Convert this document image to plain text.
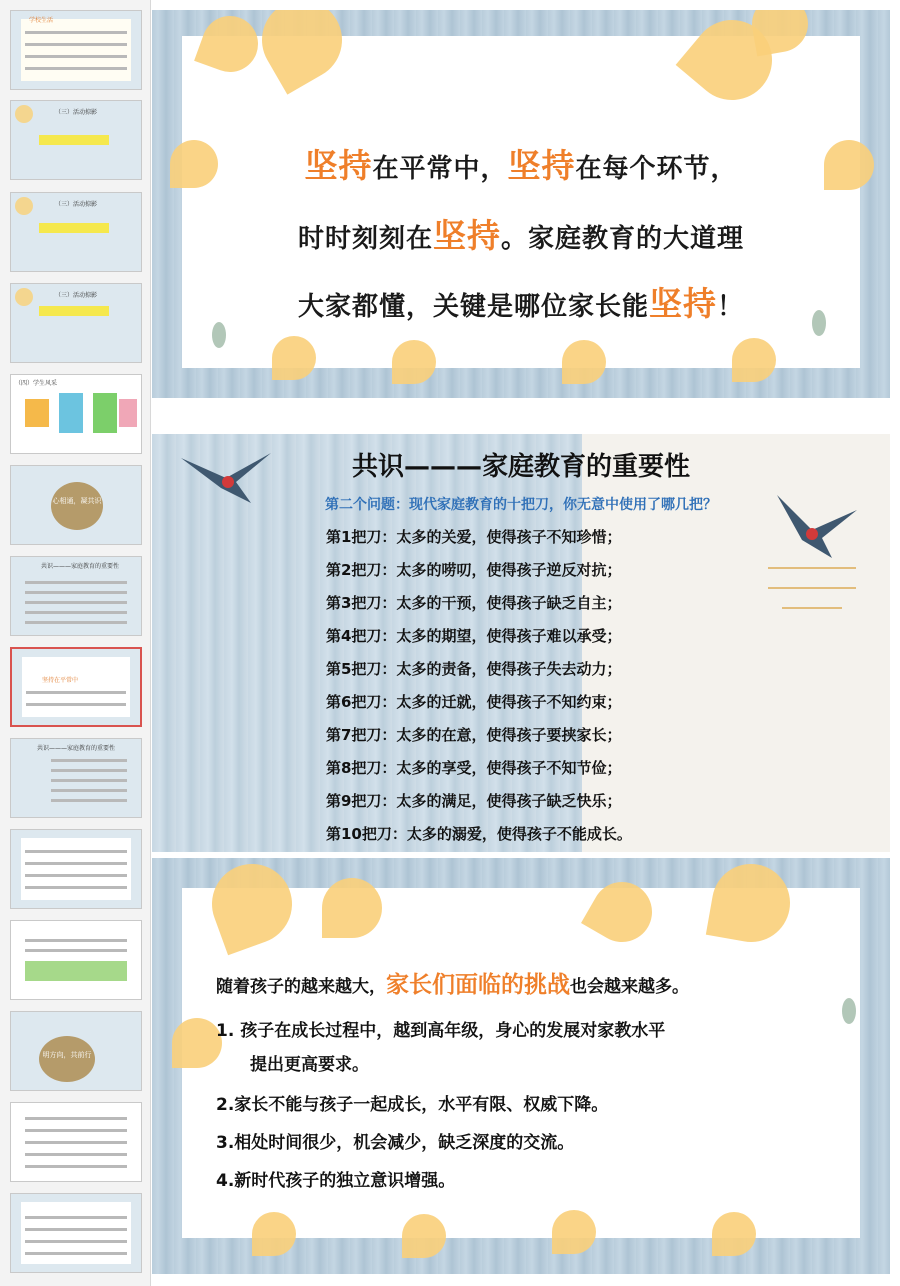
学校生活
（三）活动掠影
（三）活动掠影
（三）活动掠影
（四）学生风采
心相通，凝共识
共识———家庭教育的重要性
坚持在平常中
共识———家庭教育的重要性
明方向，共前行
坚持在平常中，坚持在每个环节，
时时刻刻在坚持。家庭教育的大道理
大家都懂，关键是哪位家长能坚持！
共识———家庭教育的重要性
第二个问题：现代家庭教育的十把刀，你无意中使用了哪几把？
第1把刀：太多的关爱，使得孩子不知珍惜；
第2把刀：太多的唠叨，使得孩子逆反对抗；
第3把刀：太多的干预，使得孩子缺乏自主；
第4把刀：太多的期望，使得孩子难以承受；
第5把刀：太多的责备，使得孩子失去动力；
第6把刀：太多的迁就，使得孩子不知约束；
第7把刀：太多的在意，使得孩子要挟家长；
第8把刀：太多的享受，使得孩子不知节俭；
第9把刀：太多的满足，使得孩子缺乏快乐；
第10把刀：太多的溺爱，使得孩子不能成长。
随着孩子的越来越大，家长们面临的挑战也会越来越多。
1. 孩子在成长过程中，越到高年级，身心的发展对家教水平
提出更高要求。
2.家长不能与孩子一起成长，水平有限、权威下降。
3.相处时间很少，机会减少，缺乏深度的交流。
4.新时代孩子的独立意识增强。
